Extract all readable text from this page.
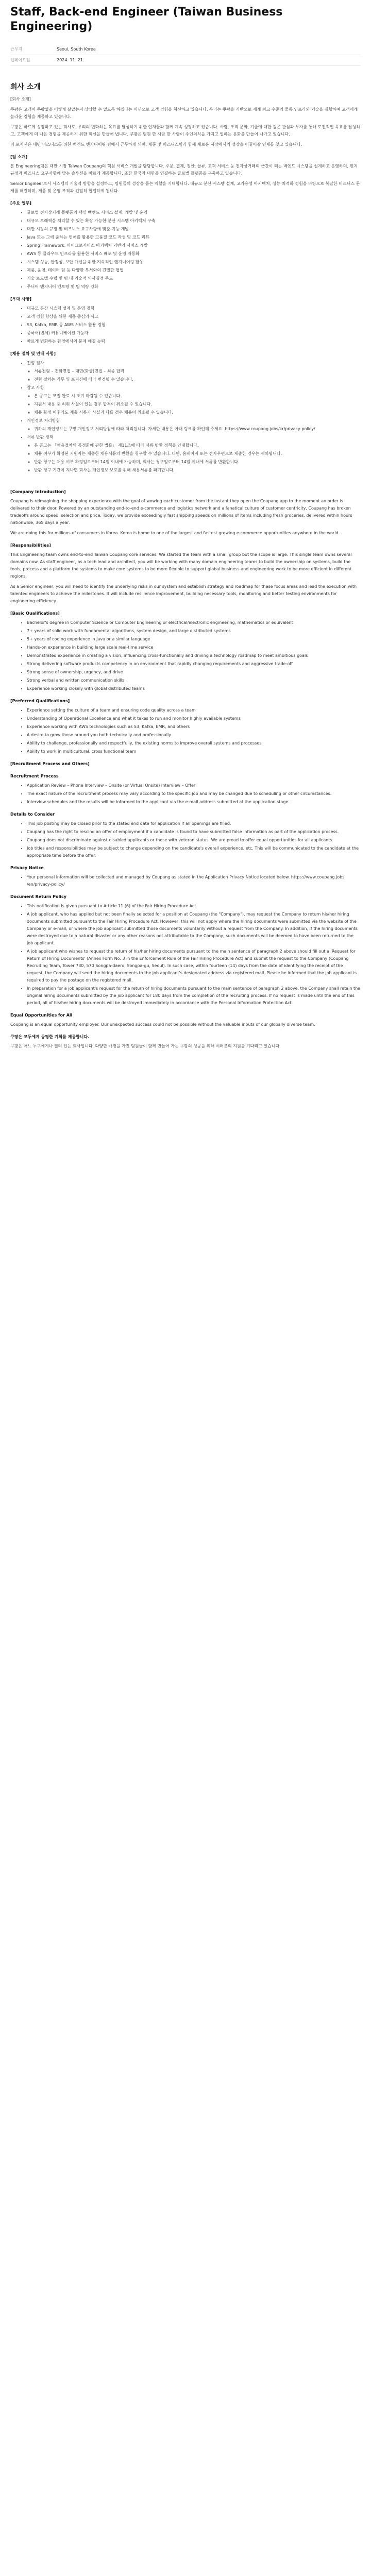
Staff, Back-end Engineer (Taiwan Business Engineering)
근무지	Seoul, South Korea
업데이트일	2024. 11. 21.
회사 소개
[회사 소개]
쿠팡은 고객이 쿠팡없을 어떻게 살았는지 상상할 수 없도록 하겠다는 미션으로 고객 경험을 혁신하고 있습니다. 우리는 쿠팡을 기반으로 세계 최고 수준의 물류 인프라와 기술을 결합하여 고객에게 놀라운 경험을 제공하고 있습니다.
쿠팡은 빠르게 성장하고 있는 회사로, 우리의 변화하는 목표를 달성하기 위한 인재들과 함께 계속 성장하고 있습니다. 사람, 조직 문화, 기술에 대한 깊은 관심과 투자를 통해 도전적인 목표를 달성하고, 고객에게 더 나은 경험을 제공하기 위한 혁신을 만들어 냅니다. 쿠팡은 팀원 한 사람 한 사람이 주인의식을 가지고 일하는 문화를 만들어 나가고 있습니다.
이 포지션은 대만 비즈니스를 위한 백엔드 엔지니어링 팀에서 근무하게 되며, 제품 및 비즈니스팀과 함께 새로운 시장에서의 성장을 이끌어갈 인재를 찾고 있습니다.
[팀 소개]
본 Engineering팀은 대만 시장 Taiwan Coupang의 핵심 서비스 개발을 담당합니다. 주문, 결제, 정산, 물류, 고객 서비스 등 전자상거래의 근간이 되는 백엔드 시스템을 설계하고 운영하며, 현지 규정과 비즈니스 요구사항에 맞는 솔루션을 빠르게 제공합니다. 또한 한국과 대만을 연결하는 글로벌 플랫폼을 구축하고 있습니다.
Senior Engineer로서 시스템의 기술적 방향을 설정하고, 팀원들의 성장을 돕는 역할을 기대합니다. 대규모 분산 시스템 설계, 고가용성 아키텍처, 성능 최적화 경험을 바탕으로 복잡한 비즈니스 문제를 해결하며, 제품 및 운영 조직과 긴밀히 협업하게 됩니다.
[주요 업무]
• 글로벌 전자상거래 플랫폼의 핵심 백엔드 서비스 설계, 개발 및 운영
• 대규모 트래픽을 처리할 수 있는 확장 가능한 분산 시스템 아키텍처 구축
• 대만 시장의 규정 및 비즈니스 요구사항에 맞춘 기능 개발
• Java 또는 그에 준하는 언어를 활용한 고품질 코드 작성 및 코드 리뷰
• Spring Framework, 마이크로서비스 아키텍처 기반의 서비스 개발
• AWS 등 클라우드 인프라를 활용한 서비스 배포 및 운영 자동화
• 시스템 성능, 안정성, 보안 개선을 위한 지속적인 엔지니어링 활동
• 제품, 운영, 데이터 팀 등 다양한 부서와의 긴밀한 협업
• 기술 로드맵 수립 및 팀 내 기술적 의사결정 주도
• 주니어 엔지니어 멘토링 및 팀 역량 강화
[우대 사항]
• 대규모 분산 시스템 설계 및 운영 경험
• 고객 경험 향상을 위한 제품 중심의 사고
• S3, Kafka, EMR 등 AWS 서비스 활용 경험
• 중국어(번체) 커뮤니케이션 가능자
• 빠르게 변화하는 환경에서의 문제 해결 능력
[채용 절차 및 안내 사항]
• 전형 절차
◦ 서류전형 – 전화면접 – 대면(화상)면접 – 최종 합격
◦ 전형 절차는 직무 및 포지션에 따라 변경될 수 있습니다.
• 참고 사항
◦ 본 공고는 모집 완료 시 조기 마감될 수 있습니다.
◦ 지원서 내용 중 허위 사실이 있는 경우 합격이 취소될 수 있습니다.
◦ 채용 확정 이후라도 제출 서류가 사실과 다를 경우 채용이 취소될 수 있습니다.
• 개인정보 처리방침
◦ 귀하의 개인정보는 쿠팡 개인정보 처리방침에 따라 처리됩니다. 자세한 내용은 아래 링크를 확인해 주세요. https://www.coupang.jobs/kr/privacy-policy/
• 서류 반환 정책
◦ 본 공고는 「채용절차의 공정화에 관한 법률」 제11조에 따라 서류 반환 정책을 안내합니다.
◦ 채용 여부가 확정된 지원자는 제출한 채용서류의 반환을 청구할 수 있습니다. 다만, 홈페이지 또는 전자우편으로 제출한 경우는 제외됩니다.
◦ 반환 청구는 채용 여부 확정일로부터 14일 이내에 가능하며, 회사는 청구일로부터 14일 이내에 서류를 반환합니다.
◦ 반환 청구 기간이 지나면 회사는 개인정보 보호를 위해 채용서류를 파기합니다.
[Company Introduction]
Coupang is reimagining the shopping experience with the goal of wowing each customer from the instant they open the Coupang app to the moment an order is delivered to their door. Powered by an outstanding end-to-end e-commerce and logistics network and a fanatical culture of customer centricity, Coupang has broken tradeoffs around speed, selection and price. Today, we provide exceedingly fast shipping speeds on millions of items including fresh groceries, delivered within hours nationwide, 365 days a year.
We are doing this for millions of consumers in Korea. Korea is home to one of the largest and fastest growing e-commerce opportunities anywhere in the world.
[Responsibilities]
This Engineering team owns end-to-end Taiwan Coupang core services. We started the team with a small group but the scope is large. This single team owns several domains now. As staff engineer, as a tech lead and architect, you will be working with many domain engineering teams to build the ownership on systems, build the tools, process and a platform the systems to make core systems to be more flexible to support global business and engineering work to be more efficient in different regions.
As a Senior engineer, you will need to identify the underlying risks in our system and establish strategy and roadmap for these focus areas and lead the execution with talented engineers to achieve the milestones. It will include resilience improvement, building necessary tools, monitoring and better testing environments for engineering efficiency.
[Basic Qualifications]
• Bachelor's degree in Computer Science or Computer Engineering or electrical/electronic engineering, mathematics or equivalent
• 7+ years of solid work with fundamental algorithms, system design, and large distributed systems
• 5+ years of coding experience in Java or a similar language
• Hands-on experience in building large scale real-time service
• Demonstrated experience in creating a vision, influencing cross-functionally and driving a technology roadmap to meet ambitious goals
• Strong delivering software products competency in an environment that rapidly changing requirements and aggressive trade-off
• Strong sense of ownership, urgency, and drive
• Strong verbal and written communication skills
• Experience working closely with global distributed teams
[Preferred Qualifications]
• Experience setting the culture of a team and ensuring code quality across a team
• Understanding of Operational Excellence and what it takes to run and monitor highly available systems
• Experience working with AWS technologies such as S3, Kafka, EMR, and others
• A desire to grow those around you both technically and professionally
• Ability to challenge, professionally and respectfully, the existing norms to improve overall systems and processes
• Ability to work in multicultural, cross functional team
[Recruitment Process and Others]
Recruitment Process
• Application Review – Phone Interview – Onsite (or Virtual Onsite) Interview – Offer
• The exact nature of the recruitment process may vary according to the specific job and may be changed due to scheduling or other circumstances.
• Interview schedules and the results will be informed to the applicant via the e-mail address submitted at the application stage.
Details to Consider
• This job posting may be closed prior to the stated end date for application if all openings are filled.
• Coupang has the right to rescind an offer of employment if a candidate is found to have submitted false information as part of the application process.
• Coupang does not discriminate against disabled applicants or those with veteran status. We are proud to offer equal opportunities for all applicants.
• Job titles and responsibilities may be subject to change depending on the candidate's overall experience, etc. This will be communicated to the candidate at the appropriate time before the offer.
Privacy Notice
• Your personal information will be collected and managed by Coupang as stated in the Application Privacy Notice located below. https://www.coupang.jobs /en/privacy-policy/
Document Return Policy
• This notification is given pursuant to Article 11 (6) of the Fair Hiring Procedure Act.
• A job applicant, who has applied but not been finally selected for a position at Coupang (the "Company"), may request the Company to return his/her hiring documents submitted pursuant to the Fair Hiring Procedure Act. However, this will not apply where the hiring documents were submitted via the website of the Company or e-mail, or where the job applicant submitted those documents voluntarily without a request from the Company. In addition, if the hiring documents were destroyed due to a natural disaster or any other reasons not attributable to the Company, such documents will be deemed to have been returned to the job applicant.
• A job applicant who wishes to request the return of his/her hiring documents pursuant to the main sentence of paragraph 2 above should fill out a 'Request for Return of Hiring Documents' (Annex Form No. 3 in the Enforcement Rule of the Fair Hiring Procedure Act) and submit the request to the Company (Coupang Recruiting Team, Tower 730, 570 Songpa-daero, Songpa-gu, Seoul). In such case, within fourteen (14) days from the date of identifying the receipt of the request, the Company will send the hiring documents to the job applicant's designated address via registered mail. Please be informed that the job applicant is required to pay the postage on the registered mail.
• In preparation for a job applicant's request for the return of hiring documents pursuant to the main sentence of paragraph 2 above, the Company shall retain the original hiring documents submitted by the job applicant for 180 days from the completion of the recruiting process. If no request is made until the end of this period, all of his/her hiring documents will be destroyed immediately in accordance with the Personal Information Protection Act.
Equal Opportunities for All
Coupang is an equal opportunity employer. Our unexpected success could not be possible without the valuable inputs of our globally diverse team.
쿠팡은 모두에게 공평한 기회를 제공합니다.
쿠팡은 어느 누구에게나 열려 있는 회사입니다. 다양한 배경을 가진 팀원들이 함께 만들어 가는 쿠팡의 성공을 위해 여러분의 지원을 기다리고 있습니다.
